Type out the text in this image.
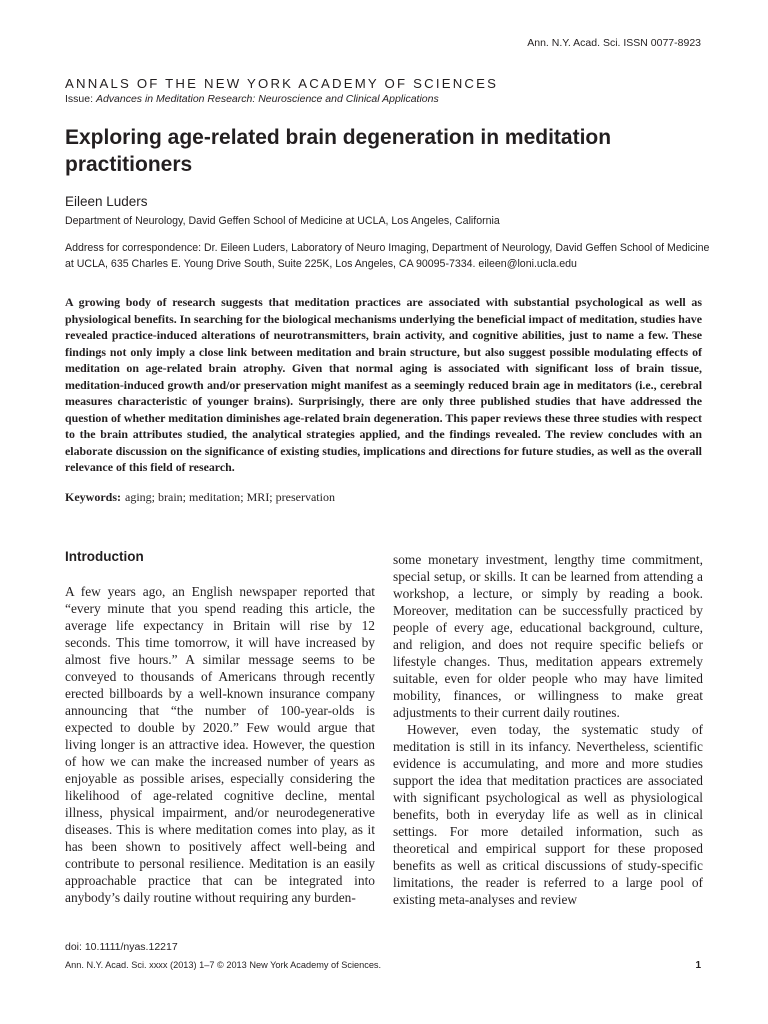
Ann. N.Y. Acad. Sci. ISSN 0077-8923
ANNALS OF THE NEW YORK ACADEMY OF SCIENCES
Issue: Advances in Meditation Research: Neuroscience and Clinical Applications
Exploring age-related brain degeneration in meditation practitioners
Eileen Luders
Department of Neurology, David Geffen School of Medicine at UCLA, Los Angeles, California
Address for correspondence: Dr. Eileen Luders, Laboratory of Neuro Imaging, Department of Neurology, David Geffen School of Medicine at UCLA, 635 Charles E. Young Drive South, Suite 225K, Los Angeles, CA 90095-7334. eileen@loni.ucla.edu

A growing body of research suggests that meditation practices are associated with substantial psychological as well as physiological benefits. In searching for the biological mechanisms underlying the beneficial impact of meditation, studies have revealed practice-induced alterations of neurotransmitters, brain activity, and cognitive abilities, just to name a few. These findings not only imply a close link between meditation and brain structure, but also suggest possible modulating effects of meditation on age-related brain atrophy. Given that normal aging is associated with significant loss of brain tissue, meditation-induced growth and/or preservation might manifest as a seemingly reduced brain age in meditators (i.e., cerebral measures characteristic of younger brains). Surprisingly, there are only three published studies that have addressed the question of whether meditation diminishes age-related brain degeneration. This paper reviews these three studies with respect to the brain attributes studied, the analytical strategies applied, and the findings revealed. The review concludes with an elaborate discussion on the significance of existing studies, implications and directions for future studies, as well as the overall relevance of this field of research.

Keywords: aging; brain; meditation; MRI; preservation
Introduction

A few years ago, an English newspaper reported that “every minute that you spend reading this article, the average life expectancy in Britain will rise by 12 seconds. This time tomorrow, it will have increased by almost five hours.” A similar message seems to be conveyed to thousands of Americans through recently erected billboards by a well-known insurance company announcing that “the number of 100-year-olds is expected to double by 2020.” Few would argue that living longer is an attractive idea. However, the question of how we can make the increased number of years as enjoyable as possible arises, especially considering the likelihood of age-related cognitive decline, mental illness, physical impairment, and/or neurodegenerative diseases. This is where meditation comes into play, as it has been shown to positively affect well-being and contribute to personal resilience. Meditation is an easily approachable practice that can be integrated into anybody’s daily routine without requiring any burden-

some monetary investment, lengthy time commitment, special setup, or skills. It can be learned from attending a workshop, a lecture, or simply by reading a book. Moreover, meditation can be successfully practiced by people of every age, educational background, culture, and religion, and does not require specific beliefs or lifestyle changes. Thus, meditation appears extremely suitable, even for older people who may have limited mobility, finances, or willingness to make great adjustments to their current daily routines.

However, even today, the systematic study of meditation is still in its infancy. Nevertheless, scientific evidence is accumulating, and more and more studies support the idea that meditation practices are associated with significant psychological as well as physiological benefits, both in everyday life as well as in clinical settings. For more detailed information, such as theoretical and empirical support for these proposed benefits as well as critical discussions of study-specific limitations, the reader is referred to a large pool of existing meta-analyses and review

doi: 10.1111/nyas.12217
Ann. N.Y. Acad. Sci. xxxx (2013) 1–7 © 2013 New York Academy of Sciences.	1
